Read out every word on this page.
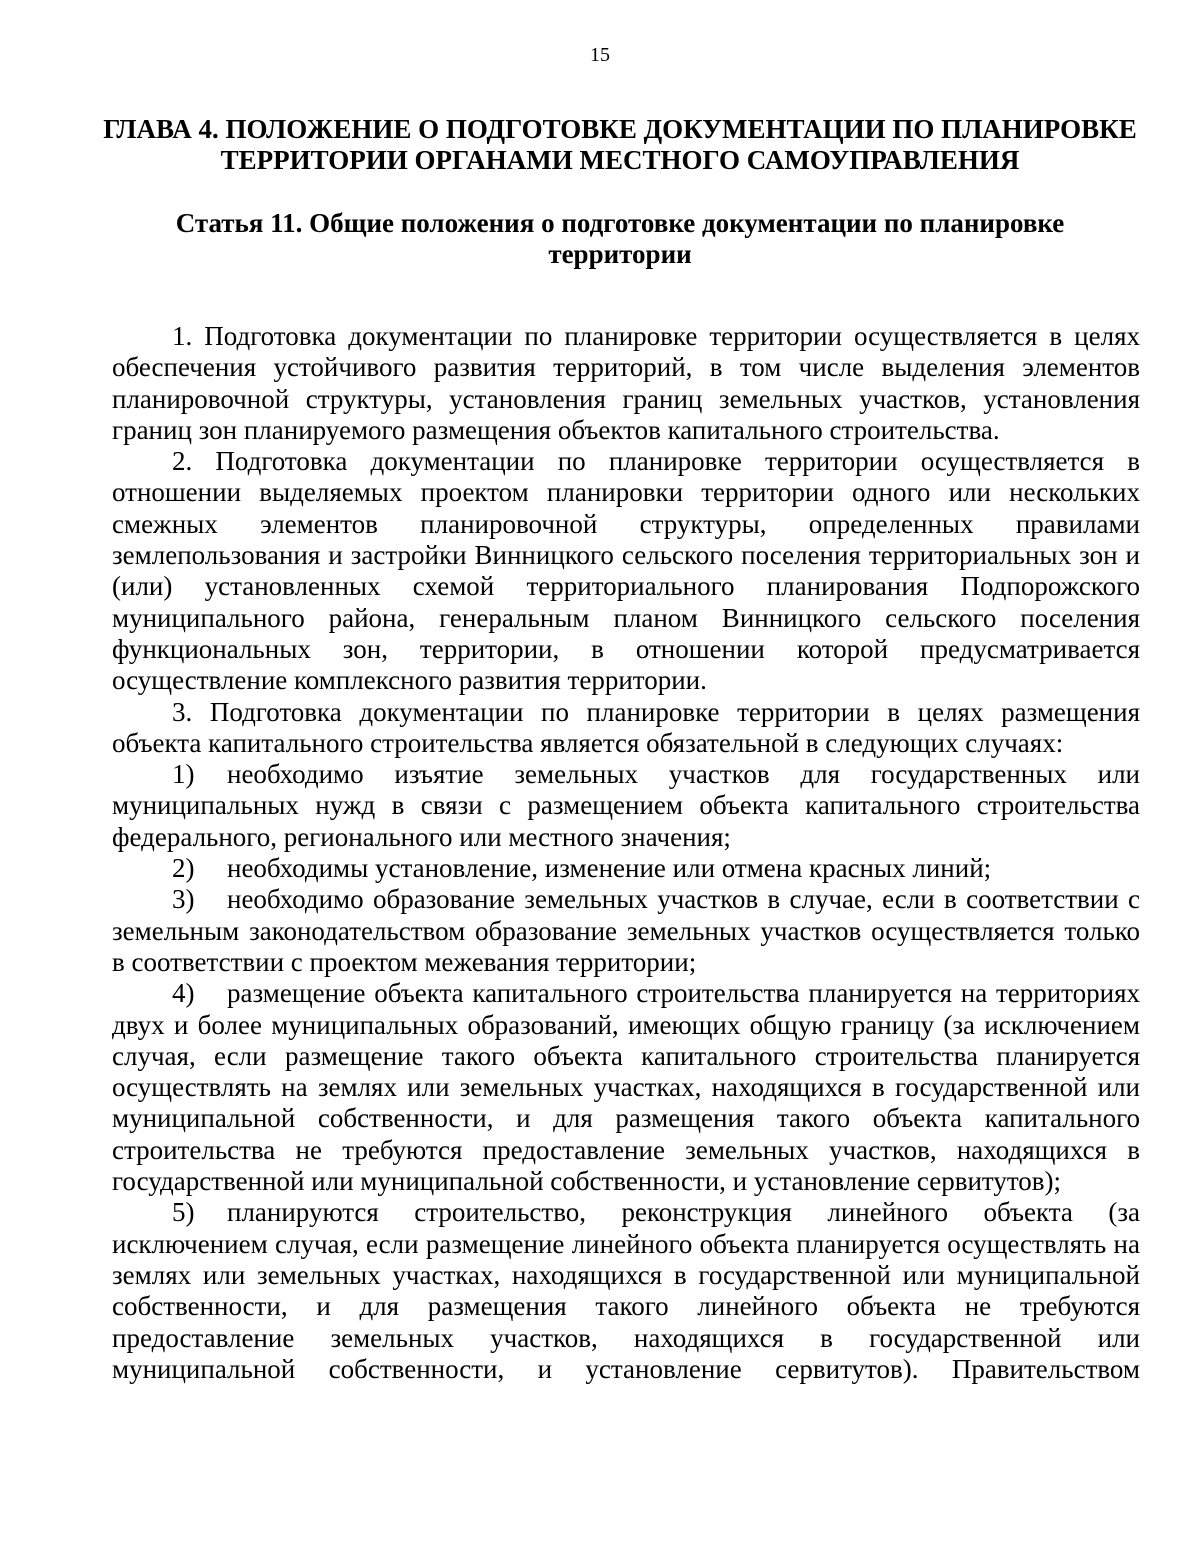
15
ГЛАВА 4. ПОЛОЖЕНИЕ О ПОДГОТОВКЕ ДОКУМЕНТАЦИИ ПО ПЛАНИРОВКЕ ТЕРРИТОРИИ ОРГАНАМИ МЕСТНОГО САМОУПРАВЛЕНИЯ
Статья 11. Общие положения о подготовке документации по планировке территории

1. Подготовка документации по планировке территории осуществляется в целях обеспечения устойчивого развития территорий, в том числе выделения элементов планировочной структуры, установления границ земельных участков, установления границ зон планируемого размещения объектов капитального строительства.

2. Подготовка документации по планировке территории осуществляется в отношении выделяемых проектом планировки территории одного или нескольких смежных элементов планировочной структуры, определенных правилами землепользования и застройки Винницкого сельского поселения территориальных зон и (или) установленных схемой территориального планирования Подпорожского муниципального района, генеральным планом Винницкого сельского поселения функциональных зон, территории, в отношении которой предусматривается осуществление комплексного развития территории.

3. Подготовка документации по планировке территории в целях размещения объекта капитального строительства является обязательной в следующих случаях:

1) необходимо изъятие земельных участков для государственных или муниципальных нужд в связи с размещением объекта капитального строительства федерального, регионального или местного значения;

2) необходимы установление, изменение или отмена красных линий;

3) необходимо образование земельных участков в случае, если в соответствии с земельным законодательством образование земельных участков осуществляется только в соответствии с проектом межевания территории;

4) размещение объекта капитального строительства планируется на территориях двух и более муниципальных образований, имеющих общую границу (за исключением случая, если размещение такого объекта капитального строительства планируется осуществлять на землях или земельных участках, находящихся в государственной или муниципальной собственности, и для размещения такого объекта капитального строительства не требуются предоставление земельных участков, находящихся в государственной или муниципальной собственности, и установление сервитутов);

5) планируются строительство, реконструкция линейного объекта (за исключением случая, если размещение линейного объекта планируется осуществлять на землях или земельных участках, находящихся в государственной или муниципальной собственности, и для размещения такого линейного объекта не требуются предоставление земельных участков, находящихся в государственной или муниципальной собственности, и установление сервитутов). Правительством
